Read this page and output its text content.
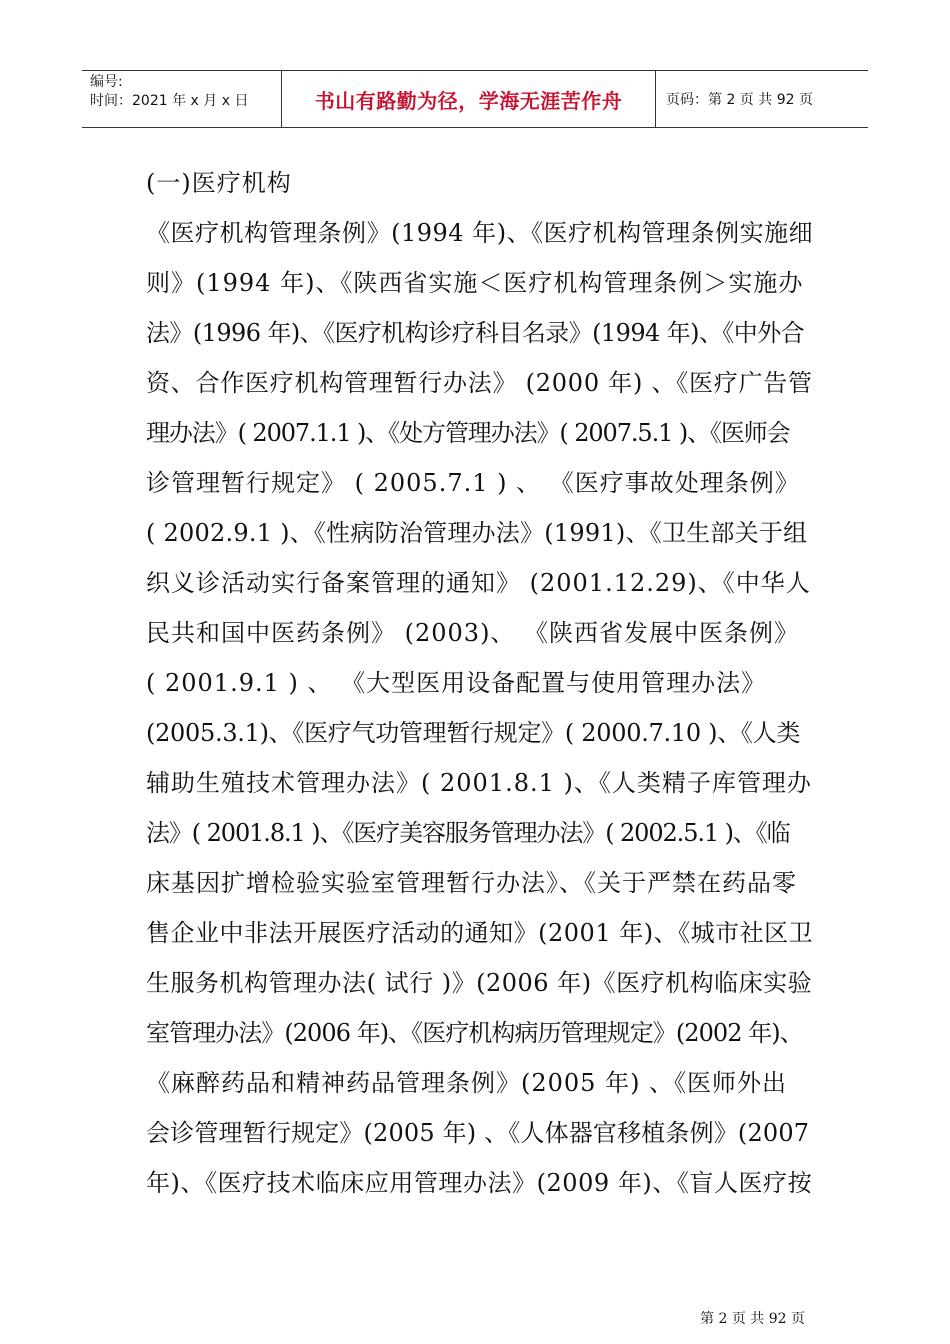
编号:
时间：2021 年 x 月 x 日	书山有路勤为径，学海无涯苦作舟	页码：第 2 页 共 92 页
(一)医疗机构
《医疗机构管理条例》(1994 年)、《医疗机构管理条例实施细
则》(1994 年)、《陕西省实施＜医疗机构管理条例＞实施办
法》(1996 年)、《医疗机构诊疗科目名录》(1994 年)、《中外合
资、合作医疗机构管理暂行办法》 (2000 年) 、《医疗广告管
理办法》( 2007.1.1 )、《处方管理办法》( 2007.5.1 )、《医师会
诊管理暂行规定》 ( 2005.7.1 ) 、 《医疗事故处理条例》
( 2002.9.1 )、《性病防治管理办法》(1991)、《卫生部关于组
织义诊活动实行备案管理的通知》 (2001.12.29)、《中华人
民共和国中医药条例》 (2003)、 《陕西省发展中医条例》
( 2001.9.1 ) 、 《大型医用设备配置与使用管理办法》
(2005.3.1)、《医疗气功管理暂行规定》( 2000.7.10 )、《人类
辅助生殖技术管理办法》( 2001.8.1 )、《人类精子库管理办
法》( 2001.8.1 )、《医疗美容服务管理办法》( 2002.5.1 )、《临
床基因扩增检验实验室管理暂行办法》、《关于严禁在药品零
售企业中非法开展医疗活动的通知》(2001 年)、《城市社区卫
生服务机构管理办法( 试行 )》(2006 年)《医疗机构临床实验
室管理办法》(2006 年)、《医疗机构病历管理规定》(2002 年)、
《麻醉药品和精神药品管理条例》(2005 年) 、《医师外出
会诊管理暂行规定》(2005 年) 、《人体器官移植条例》(2007
年)、《医疗技术临床应用管理办法》(2009 年)、《盲人医疗按
第 2 页 共 92 页
